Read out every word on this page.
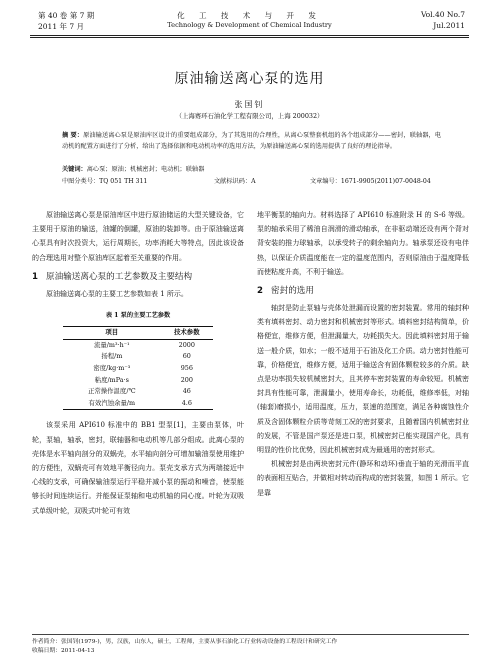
第 40 卷 第 7 期
2011 年 7 月
化 工 技 术 与 开 发
Technology & Development of Chemical Industry
Vol.40 No.7
Jul.2011
原油输送离心泵的选用
张国钊
（上海赛环石油化学工程有限公司，上海 200032）
摘 要：原油输送离心泵是原油库区设计的重要组成部分，为了其选用的合理性，从离心泵整套机组的各个组成部分——密封，联轴器，电动机的配置方面进行了分析，给出了选择依据和电动机功率的选用方法，为原油输送离心泵的选用提供了良好的理论指导。
关键词：离心泵；原油；机械密封；电动机；联轴器
中图分类号：TQ 051 TH 311	文献标识码：A	文章编号：1671-9905(2011)07-0048-04

原油输送离心泵是原油库区中进行原油储运的大型关键设备，它主要用于原油的输送，油罐的倒罐，原油的装卸等。由于原油输送离心泵具有时次投资大，运行周期长，功率消耗大等特点，因此该设备的合理选用对整个原油库区起着至关重要的作用。

1 原油输送离心泵的工艺参数及主要结构

原油输送离心泵的主要工艺参数如表 1 所示。

表 1 泵的主要工艺参数
项目	技术参数
流量/m³·h⁻¹	2000
扬程/m	60
密度/kg·m⁻³	956
粘度/mPa·s	200
正常操作温度/℃	46
有效汽蚀余量/m	4.6

该泵采用 API610 标准中的 BB1 型泵[1]，主要由泵体，叶轮，泵轴，轴承，密封，联轴器和电动机等几部分组成。此离心泵的壳体是水平轴向剖分的双蜗壳，水平轴向剖分可增加输油泵使用维护的方便性，双蜗壳可有效地平衡径向力。泵壳支承方式为两端接近中心线的支承，可确保输油泵运行平稳并减小泵的振动和噪音，使泵能够长时间连续运行。并能保证泵轴和电动机轴的同心度。叶轮为双吸式单级叶轮，双吸式叶轮可有效

地平衡泵的轴向力。材料选择了 API610 标准附录 H 的 S-6 等级。泵的轴承采用了稀油自润滑的滑动轴承，在非驱动端还设有两个背对背安装的推力球轴承，以承受转子的剩余轴向力。轴承泵还设有电伴热，以保证介质温度能在一定的温度范围内，否则原油由于温度降低而使粘度升高，不利于输送。

2 密封的选用

轴封是防止泵轴与壳体处泄漏而设置的密封装置。常用的轴封种类有填料密封、动力密封和机械密封等形式。填料密封结构简单，价格便宜，维修方便，但泄漏量大，功耗损失大。因此填料密封用于输送一般介质，如水；一般不适用于石油及化工介质。动力密封性能可靠，价格便宜，维修方便，适用于输送含有固体颗粒较多的介质。缺点是功率损失较机械密封大，且其停车密封装置的寿命较短。机械密封具有性能可靠，泄漏量小，使用寿命长，功耗低，维修率低，对轴(轴套)磨损小，适用温度，压力，泵速的范围宽，满足各种腐蚀性介质及含固体颗粒介质等苛刻工况的密封要求，且随着国内机械密封业的发展，不管是国产泵还是进口泵，机械密封已能实现国产化，具有明显的性价比优势，因此机械密封成为最通用的密封形式。

机械密封是由两块密封元件(静环和动环)垂直于轴的光滑而平直的表面相互贴合，并做相对转动而构成的密封装置，如图 1 所示。它是靠

作者简介：张国钊(1979-)，男，汉族，山东人，硕士，工程师，主要从事石油化工行业转动设备的工程设计和研究工作
收稿日期：2011-04-13
